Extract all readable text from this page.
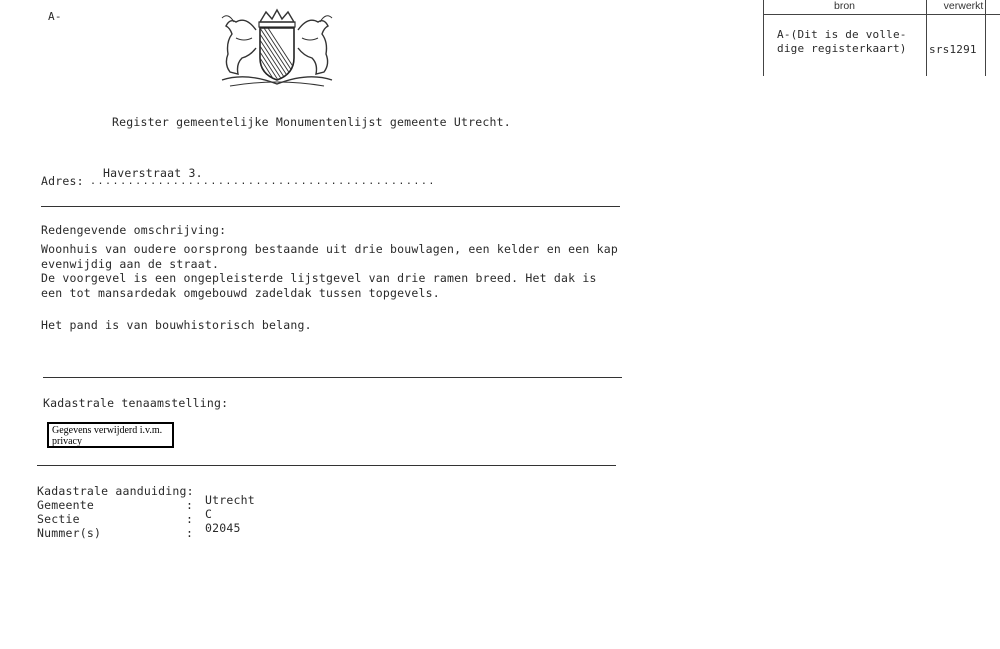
A-
bron	verwerkt
A-(Dit is de volle-
dige registerkaart) srs1291
Register gemeentelijke Monumentenlijst gemeente Utrecht.
Haverstraat 3.
Adres: ..............................................
Redengevende omschrijving:
Woonhuis van oudere oorsprong bestaande uit drie bouwlagen, een kelder en een kap
evenwijdig aan de straat.
De voorgevel is een ongepleisterde lijstgevel van drie ramen breed. Het dak is
een tot mansardedak omgebouwd zadeldak tussen topgevels.
Het pand is van bouwhistorisch belang.
Kadastrale tenaamstelling:
Gegevens verwijderd i.v.m. privacy
Kadastrale aanduiding:
Gemeente	: Utrecht
Sectie	: C
Nummer(s)	: 02045
